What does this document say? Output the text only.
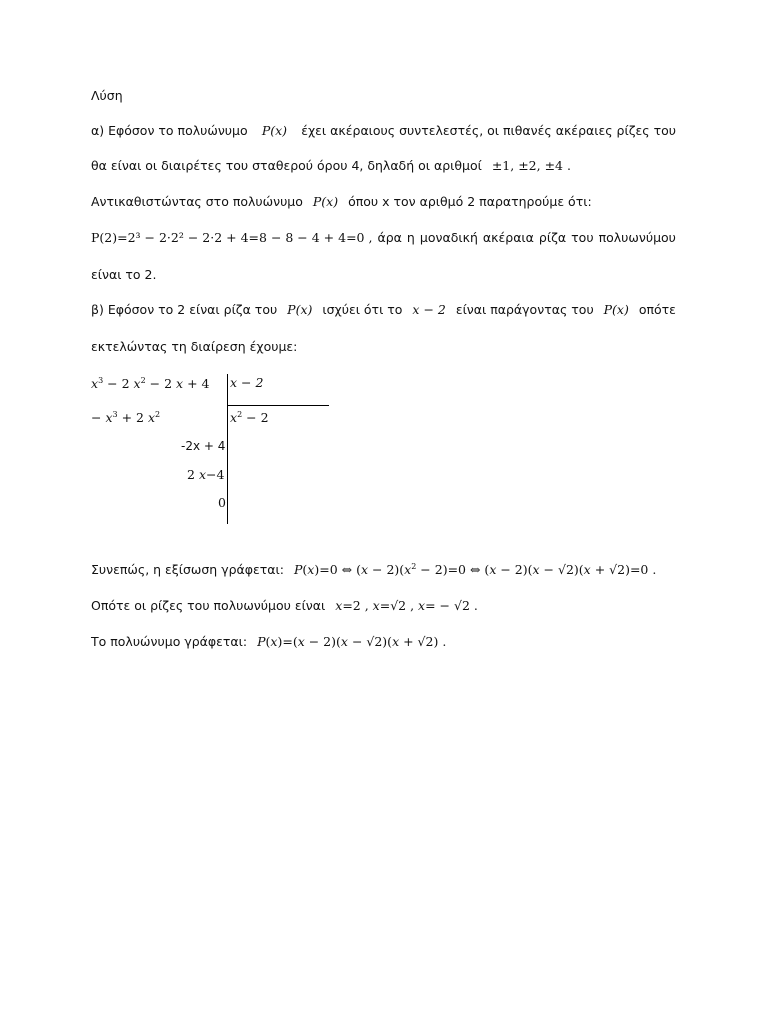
Λύση
α) Εφόσον το πολυώνυμο	P(x)	έχει ακέραιους συντελεστές, οι πιθανές ακέραιες ρίζες του
θα είναι οι διαιρέτες του σταθερού όρου 4, δηλαδή οι αριθμοί ±1, ±2, ±4 .
Αντικαθιστώντας στο πολυώνυμο P(x) όπου x τον αριθμό 2 παρατηρούμε ότι:
P(2)=2³ − 2·2² − 2·2 + 4=8 − 8 − 4 + 4=0 , άρα η μοναδική ακέραια ρίζα του πολυωνύμου
είναι το 2.
β) Εφόσον το 2 είναι ρίζα του P(x) ισχύει ότι το x − 2 είναι παράγοντας του P(x) οπότε
εκτελώντας τη διαίρεση έχουμε:
$x^3 - 2$ $x^2 - 2$ x + 4 x − 2
− $x^3 + 2$ $x^2$	$x^2 - 2$
-2x + 4
2 x−4
0
Συνεπώς, η εξίσωση γράφεται: P(x)=0 ⇔ $(x - 2)(x^2 - 2)=0$ ⇔ (x − 2)(x − √2)(x + √2)=0 .
Οπότε οι ρίζες του πολυωνύμου είναι x=2 , x=√2 , x= − √2 .
Το πολυώνυμο γράφεται: P(x)=(x − 2)(x − √2)(x + √2) .
